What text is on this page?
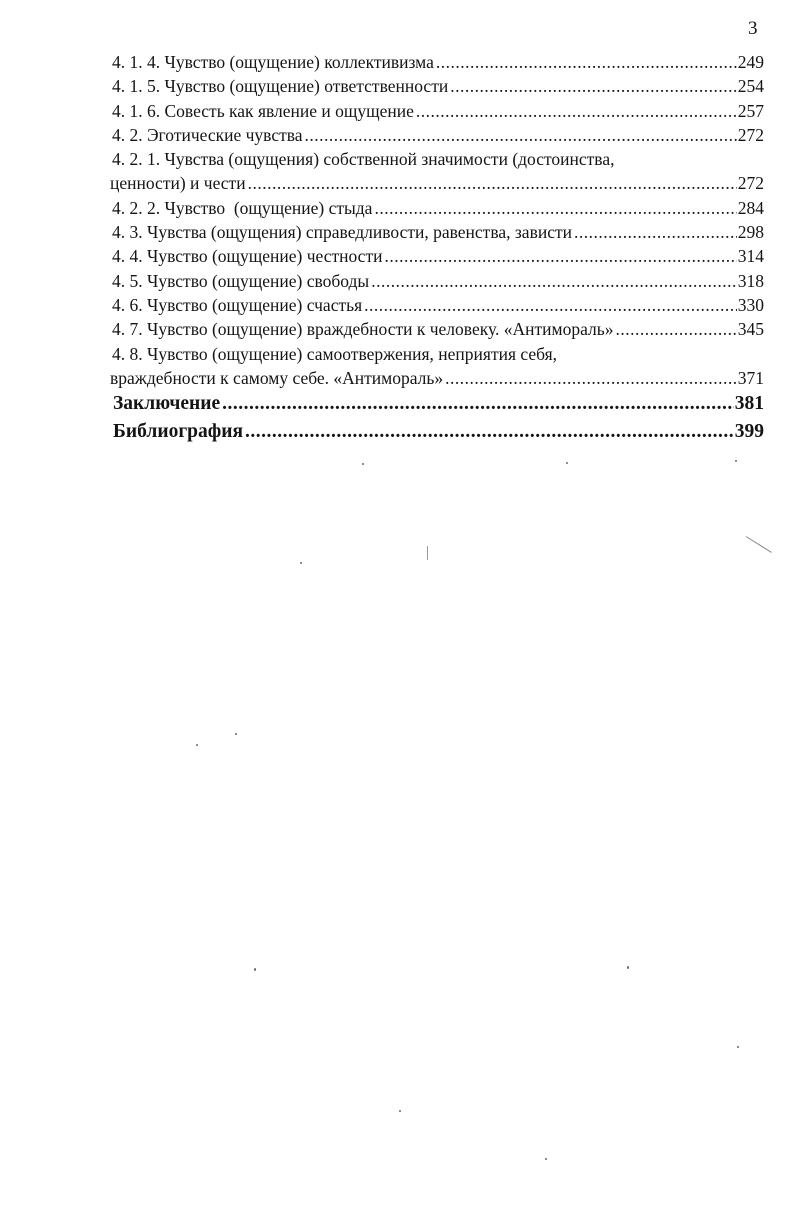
3
4. 1. 4. Чувство (ощущение) коллективизма .....	249
4. 1. 5. Чувство (ощущение) ответственности .....	254
4. 1. 6. Совесть как явление и ощущение .....	257
4. 2. Эготические чувства .....	272
4. 2. 1. Чувства (ощущения) собственной значимости (достоинства,
ценности) и чести .....	272
4. 2. 2. Чувство  (ощущение) стыда .....	284
4. 3. Чувства (ощущения) справедливости, равенства, зависти .....	298
4. 4. Чувство (ощущение) честности .....	314
4. 5. Чувство (ощущение) свободы .....	318
4. 6. Чувство (ощущение) счастья .....	330
4. 7. Чувство (ощущение) враждебности к человеку. «Антимораль» .....	345
4. 8. Чувство (ощущение) самоотвержения, неприятия себя,
враждебности к самому себе. «Антимораль» .....	371
Заключение .....	381
Библиография .....	399
